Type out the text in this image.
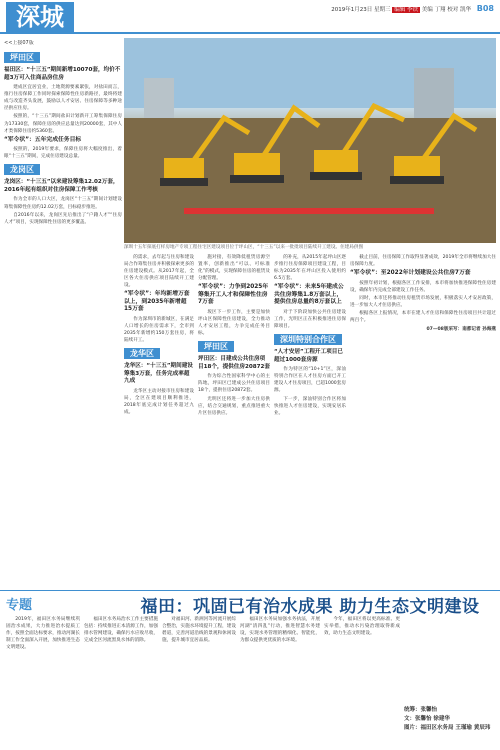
深城	2019年1月23日 星期三 编辑 李铁 美编 丁翔 校对 凯华 B08
<<上接07版
坪田区
福田区：“十三五”期间新增10070套，均价不超3万可入住商品房住房

建成区宜居宜业，土地资源要素紧张，对盐田而言，推行住房保障工作同时探索保障性住房新路径，最终将建成与改造齐头发展，鼓励以人才安居、住房保障等多种途径供应住房。

按照的，“十三五”期间盐田计划新开工筹集保障住房为17330套，保障住房的供应总量达到20000套，其中人才类保障住房约5360套。

“军令状”：五年完成任务目标

按照的，2019年要求，保障住房将大幅度推出，着眼“十三五”期间，完成住房建设总量。

龙岗区
龙岗区：“十三五”以来建设筹集12.02万套，2016年起有组织对住房保障工作考核

作为全市的人口大区，龙岗区“十三五”期间计划建设筹集保障性住房约12.02万套，目标稳步推进。

自2016年以来，龙岗区先后推出了“户籍人才”“住房人才”项目，实现保障性住房的更多覆盖。

深圳十五年探底打样房地产专项工程住宅区建设项目位于坪山区，“十三五”以来一批批项目陆续开工建设。住建局供图

的需求，去年起与住房和建设局合作筹集住房并积极探索更多的住房建设模式。从2017年起，全区各大住房供应项目陆续开工建设。

“军令状”：年均新增万套以上，到2035年新增超15万套

作为深圳市的新城区，在满足人口增长的住房需求下，全市到2035年新增约150万套住房，将陆续开工。

龙华区
龙华区：“十三五”期间建设筹集3万套，任务完成率超九成

龙华区主动对接市住房和建设局，全区在建项目顺利推进，2018年底完成计划任务超过九成。

施对接，有效降低租赁房源空置率，创新推出“可以、可标准化”的模式，实现保障住房的租赁及分配管理。

“军令状”：力争到2025年筹集开工人才和保障性住房7万套

坂区下一步工作，主要是加快坪山区保障性住房建设，全力推动人才安居工程，力争完成任务目标。

坪田区
坪田区：目建成公共住房项目18个，提供住房20872套

作为综合性国家科学中心的主阵地，坪田区已建成公共住房项目18个，提供住房20872套。

光明区还将进一步加大住房供应，结合交通规划，重点推进重大片区住房供应。

的补充，从2015年起坪山区逐步推行住房保障项目建设工程，目标为2035年在坪山区投入使用约6.5万套。

“军令状”：未来5年建成公共住房筹集1.8万套以上，提供住房总量约8万套以上

对于下阶段加快公共住房建设工作，光明区正在积极推进住房保障项目。

深圳特别合作区
“人才安居”工程开工项目已超过1000套房源

作为特区的“10+1”区，深汕特别合作区在人才住房方面已开工建设人才住房项目，已超1000套房源。

下一步，深汕特别合作区将加快推进人才住房建设，实现安居乐业。

截止目前，住房保障工作取得显著成效，2019年全市将继续加大住房保障力度。

“军令状”：至2022年计划建设公共住房7万套

按照年初计划，根据各区工作安排，本市将加快推进保障性住房建设，确保年内完成全部建设工作任务。

同时，本市还将推动住房租赁市场发展，积极落实人才安居政策，进一步加大人才住房供应。

根据各区上报情况，本市在建人才住房和保障性住房项目共计超过两百个。

07—08版采写：南都记者 孙海燕
专题	福田：巩固已有治水成果 助力生态文明建设

2019年，福田区水务局继续巩固治水成果，大力推进治水提质工作，按照全面达标要求，推动河湖长制工作全面深入开展，加快推进生态文明建设。

福田区水务局治水工作主要措施包括：持续推进正本清源工作，加强排水管网建设，确保污水应收尽收，完成全区河流黑臭水体的消除。

对福田河、新洲河等河流开展综合整治，实施水环境提升工程，建设碧道，完善河道沿线的景观和休闲设施，提升城市宜居品质。

福田区水务局加强水务执法，开展河湖“清四乱”行动，推进智慧水务建设，实现水务管理的精细化、智能化，为群众提供更优质的水环境。

今年，福田区将以更高标准、更实举措，推动水污染治理取得新成效，助力生态文明建设。

统筹：张馨怡
文：张馨怡 徐建华
图片：福田区水务局 王瑾瑜 黄辰玮
